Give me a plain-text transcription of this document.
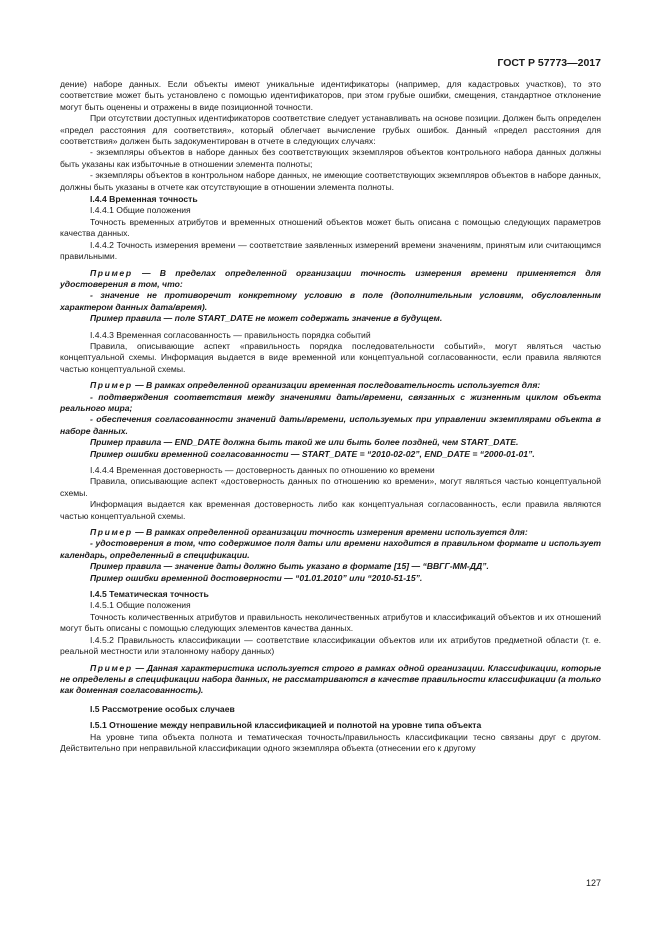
ГОСТ Р 57773—2017

дение) наборе данных. Если объекты имеют уникальные идентификаторы (например, для кадастровых участков), то это соответствие может быть установлено с помощью идентификаторов, при этом грубые ошибки, смещения, стандартное отклонение могут быть оценены и отражены в виде позиционной точности.

При отсутствии доступных идентификаторов соответствие следует устанавливать на основе позиции. Должен быть определен «предел расстояния для соответствия», который облегчает вычисление грубых ошибок. Данный «предел расстояния для соответствия» должен быть задокументирован в отчете в следующих случаях:

- экземпляры объектов в наборе данных без соответствующих экземпляров объектов контрольного набора данных должны быть указаны как избыточные в отношении элемента полноты;

- экземпляры объектов в контрольном наборе данных, не имеющие соответствующих экземпляров объектов в наборе данных, должны быть указаны в отчете как отсутствующие в отношении элемента полноты.

I.4.4 Временная точность

I.4.4.1 Общие положения

Точность временных атрибутов и временных отношений объектов может быть описана с помощью следующих параметров качества данных.

I.4.4.2 Точность измерения времени — соответствие заявленных измерений времени значениям, принятым или считающимся правильными.

Пример — В пределах определенной организации точность измерения времени применяется для удостоверения в том, что:

- значение не противоречит конкретному условию в поле (дополнительным условиям, обусловленным характером данных дата/время).

Пример правила — поле START_DATE не может содержать значение в будущем.

I.4.4.3 Временная согласованность — правильность порядка событий

Правила, описывающие аспект «правильность порядка последовательности событий», могут являться частью концептуальной схемы. Информация выдается в виде временной или концептуальной согласованности, если правила являются частью концептуальной схемы.

Пример — В рамках определенной организации временная последовательность используется для:

- подтверждения соответствия между значениями даты/времени, связанных с жизненным циклом объекта реального мира;

- обеспечения согласованности значений даты/времени, используемых при управлении экземплярами объекта в наборе данных.

Пример правила — END_DATE должна быть такой же или быть более поздней, чем START_DATE.

Пример ошибки временной согласованности — START_DATE = “2010-02-02”, END_DATE = “2000-01-01”.

I.4.4.4 Временная достоверность — достоверность данных по отношению ко времени

Правила, описывающие аспект «достоверность данных по отношению ко времени», могут являться частью концептуальной схемы.

Информация выдается как временная достоверность либо как концептуальная согласованность, если правила являются частью концептуальной схемы.

Пример — В рамках определенной организации точность измерения времени используется для:

- удостоверения в том, что содержимое поля даты или времени находится в правильном формате и использует календарь, определенный в спецификации.

Пример правила — значение даты должно быть указано в формате [15] — “ВВГГ-ММ-ДД”.

Пример ошибки временной достоверности — “01.01.2010” или “2010-51-15”.

I.4.5 Тематическая точность

I.4.5.1 Общие положения

Точность количественных атрибутов и правильность неколичественных атрибутов и классификаций объектов и их отношений могут быть описаны с помощью следующих элементов качества данных.

I.4.5.2 Правильность классификации — соответствие классификации объектов или их атрибутов предметной области (т. е. реальной местности или эталонному набору данных)

Пример — Данная характеристика используется строго в рамках одной организации. Классификации, которые не определены в спецификации набора данных, не рассматриваются в качестве правильности классификации (а только как доменная согласованность).

I.5 Рассмотрение особых случаев

I.5.1 Отношение между неправильной классификацией и полнотой на уровне типа объекта

На уровне типа объекта полнота и тематическая точность/правильность классификации тесно связаны друг с другом. Действительно при неправильной классификации одного экземпляра объекта (отнесении его к другому

127
